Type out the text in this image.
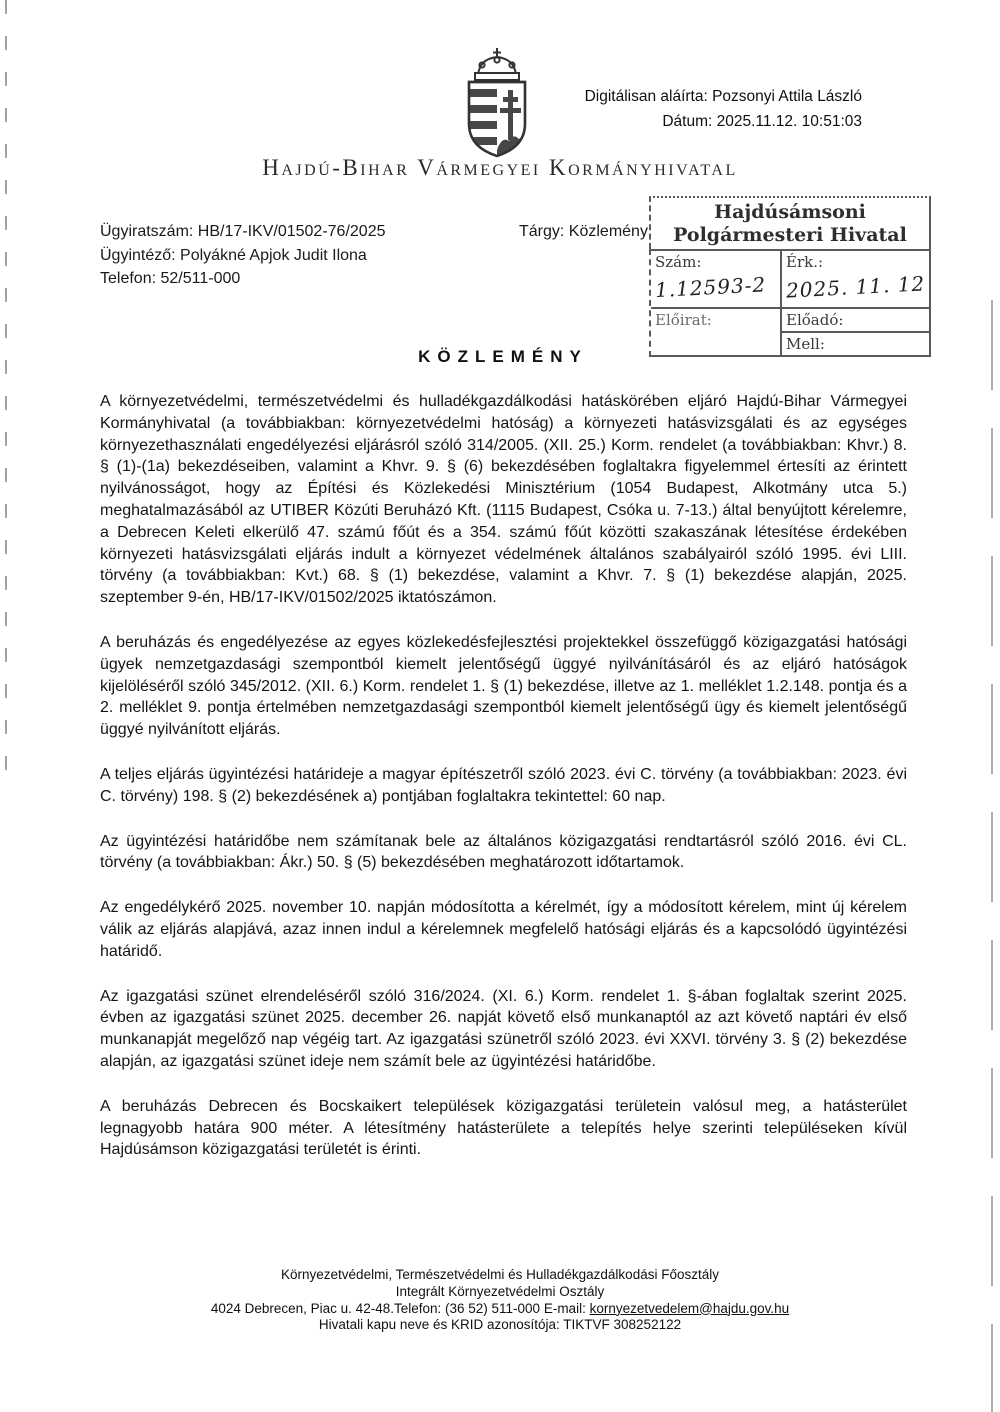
Digitálisan aláírta: Pozsonyi Attila László
Dátum: 2025.11.12. 10:51:03
Hajdú-Bihar Vármegyei Kormányhivatal
Ügyiratszám: HB/17-IKV/01502-76/2025
Ügyintéző: Polyákné Apjok Judit Ilona
Telefon: 52/511-000
Tárgy: Közlemény
Hajdúsámsoni
Polgármesteri Hivatal
Szám:
1.12593-2
Érk.:
2025. 11. 12
Előirat:	Előadó:
Mell:
KÖZLEMÉNY

A környezetvédelmi, természetvédelmi és hulladékgazdálkodási hatáskörében eljáró Hajdú-Bihar Vármegyei Kormányhivatal (a továbbiakban: környezetvédelmi hatóság) a környezeti hatásvizsgálati és az egységes környezethasználati engedélyezési eljárásról szóló 314/2005. (XII. 25.) Korm. rendelet (a továbbiakban: Khvr.) 8. § (1)-(1a) bekezdéseiben, valamint a Khvr. 9. § (6) bekezdésében foglaltakra figyelemmel értesíti az érintett nyilvánosságot, hogy az Építési és Közlekedési Minisztérium (1054 Budapest, Alkotmány utca 5.) meghatalmazásából az UTIBER Közúti Beruházó Kft. (1115 Budapest, Csóka u. 7-13.) által benyújtott kérelemre, a Debrecen Keleti elkerülő 47. számú főút és a 354. számú főút közötti szakaszának létesítése érdekében környezeti hatásvizsgálati eljárás indult a környezet védelmének általános szabályairól szóló 1995. évi LIII. törvény (a továbbiakban: Kvt.) 68. § (1) bekezdése, valamint a Khvr. 7. § (1) bekezdése alapján, 2025. szeptember 9-én, HB/17-IKV/01502/2025 iktatószámon.

A beruházás és engedélyezése az egyes közlekedésfejlesztési projektekkel összefüggő közigazgatási hatósági ügyek nemzetgazdasági szempontból kiemelt jelentőségű üggyé nyilvánításáról és az eljáró hatóságok kijelöléséről szóló 345/2012. (XII. 6.) Korm. rendelet 1. § (1) bekezdése, illetve az 1. melléklet 1.2.148. pontja és a 2. melléklet 9. pontja értelmében nemzetgazdasági szempontból kiemelt jelentőségű ügy és kiemelt jelentőségű üggyé nyilvánított eljárás.

A teljes eljárás ügyintézési határideje a magyar építészetről szóló 2023. évi C. törvény (a továbbiakban: 2023. évi C. törvény) 198. § (2) bekezdésének a) pontjában foglaltakra tekintettel: 60 nap.

Az ügyintézési határidőbe nem számítanak bele az általános közigazgatási rendtartásról szóló 2016. évi CL. törvény (a továbbiakban: Ákr.) 50. § (5) bekezdésében meghatározott időtartamok.

Az engedélykérő 2025. november 10. napján módosította a kérelmét, így a módosított kérelem, mint új kérelem válik az eljárás alapjává, azaz innen indul a kérelemnek megfelelő hatósági eljárás és a kapcsolódó ügyintézési határidő.

Az igazgatási szünet elrendeléséről szóló 316/2024. (XI. 6.) Korm. rendelet 1. §-ában foglaltak szerint 2025. évben az igazgatási szünet 2025. december 26. napját követő első munkanaptól az azt követő naptári év első munkanapját megelőző nap végéig tart. Az igazgatási szünetről szóló 2023. évi XXVI. törvény 3. § (2) bekezdése alapján, az igazgatási szünet ideje nem számít bele az ügyintézési határidőbe.

A beruházás Debrecen és Bocskaikert települések közigazgatási területein valósul meg, a hatásterület legnagyobb határa 900 méter. A létesítmény hatásterülete a telepítés helye szerinti településeken kívül Hajdúsámson közigazgatási területét is érinti.

Környezetvédelmi, Természetvédelmi és Hulladékgazdálkodási Főosztály
Integrált Környezetvédelmi Osztály
4024 Debrecen, Piac u. 42-48.Telefon: (36 52) 511-000 E-mail: kornyezetvedelem@hajdu.gov.hu
Hivatali kapu neve és KRID azonosítója: TIKTVF 308252122
